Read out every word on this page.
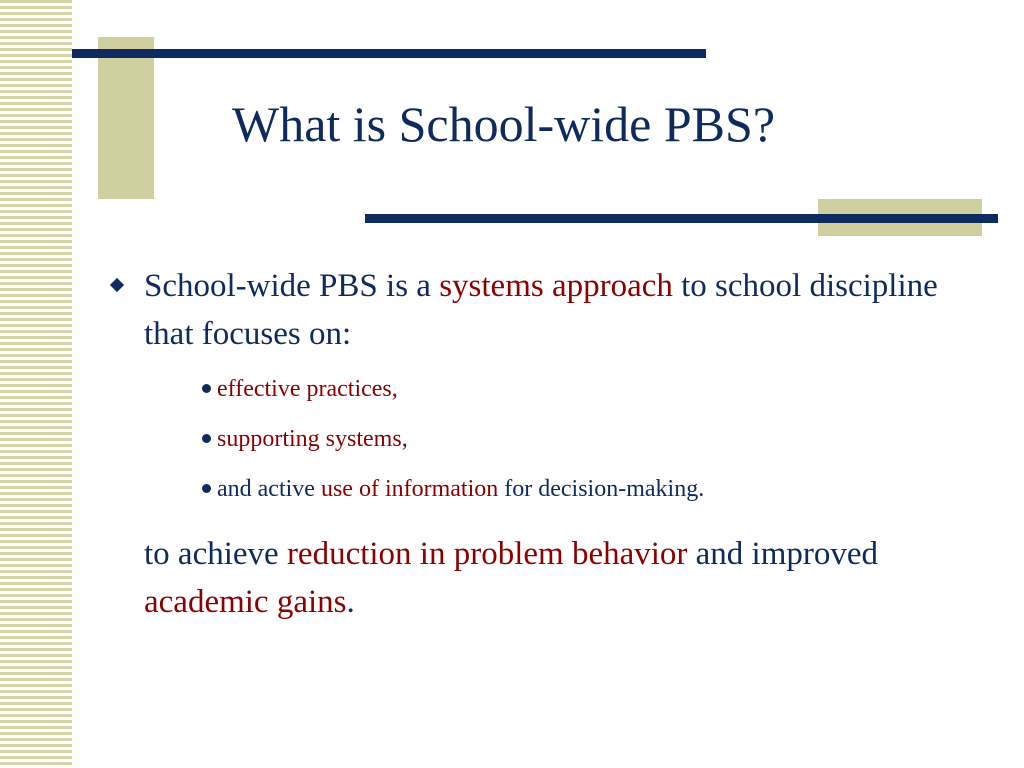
What is School-wide PBS?
School-wide PBS is a systems approach to school discipline that focuses on:
effective practices,
supporting systems,
and active use of information for decision-making.
to achieve reduction in problem behavior and improved academic gains.
